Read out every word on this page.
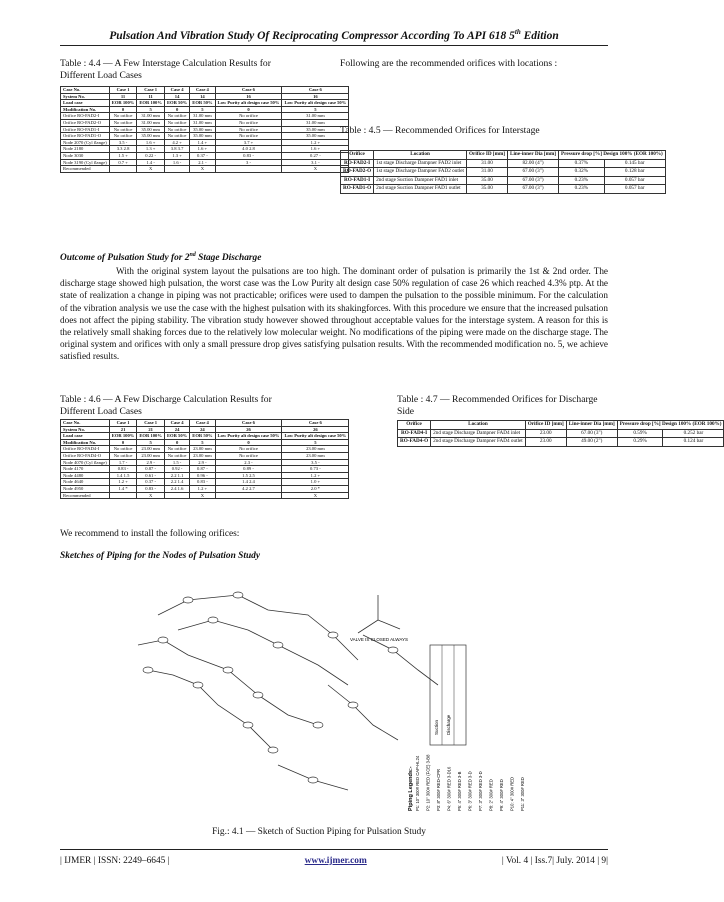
Pulsation And Vibration Study Of Reciprocating Compressor According To API 618 5th Edition
Table : 4.4 — A Few Interstage Calculation Results for Different Load Cases
Case No.	Case 1	Case 1	Case 4	Case 4	Case 6	Case 6
System No.	11	11	14	14	16	16
Load case	EOR 100%	EOR 100%	EOR 50%	EOR 50%	Low Purity alt design case 50%	Low Purity alt design case 50%
Modification No.	0	5	0	5	0	5
Orifice RO-FAD2-I	No orifice	31.00 mm	No orifice	31.00 mm	No orifice	31.00 mm
Orifice RO-FAD2-O	No orifice	31.00 mm	No orifice	31.00 mm	No orifice	31.00 mm
Orifice RO-FAD1-I	No orifice	35.00 mm	No orifice	35.00 mm	No orifice	35.00 mm
Orifice RO-FAD1-O	No orifice	35.00 mm	No orifice	35.00 mm	No orifice	35.00 mm
Node 2070 (Cyl flange)	3.5 -	1.6 +	4.2 +	1.4 +	3.7 +	1.2 +
Node 2180	3.3 2.8	1.3 +	3.8 3.7	1.6 +	4.0 2.8	1.6 +
Node 3030	1.5 +	0.22 -	1.3 +	0.37 -	0.83 -	0.27 -
Node 3190 (Cyl flange)	0.7 +	1.4 -	1.6 -	2.1 -	3 -	3.1 -
Recommended		X		X		X
Following are the recommended orifices with locations :
Table : 4.5 — Recommended Orifices for Interstage
Orifice	Location	Orifice ID [mm]	Line-inner Dia [mm]	Pressure drop [%] Design 100% (EOR 100%)	
RO-FAD2-I	1st stage Discharge Dampner FAD2 inlet	31.00	82.00 (4")	0.37%	0.145 bar
RO-FAD2-O	1st stage Discharge Dampner FAD2 outlet	31.00	67.00 (3")	0.32%	0.128 bar
RO-FAD1-I	2nd stage Suction Dampner FAD1 inlet	35.00	67.00 (3")	0.23%	0.057 bar
RO-FAD1-O	2nd stage Suction Dampner FAD1 outlet	35.00	67.00 (3")	0.23%	0.057 bar
Outcome of Pulsation Study for 2nd Stage Discharge
With the original system layout the pulsations are too high. The dominant order of pulsation is primarily the 1st & 2nd order. The discharge stage showed high pulsation, the worst case was the Low Purity alt design case 50% regulation of case 26 which reached 4.3% ptp. At the state of realization a change in piping was not practicable; orifices were used to dampen the pulsation to the possible minimum. For the calculation of the vibration analysis we use the case with the highest pulsation with its shakingforces. With this procedure we ensure that the increased pulsation does not affect the piping stability. The vibration study however showed throughout acceptable values for the interstage system. A reason for this is the relatively small shaking forces due to the relatively low molecular weight. No modifications of the piping were made on the discharge stage. The original system and orifices with only a small pressure drop gives satisfying pulsation results. With the recommended modification no. 5, we achieve satisfied results.
Table : 4.6 — A Few Discharge Calculation Results for Different Load Cases
Case No.	Case 1	Case 1	Case 4	Case 4	Case 6	Case 6
System No.	21	21	24	24	26	26
Load case	EOR 100%	EOR 100%	EOR 50%	EOR 50%	Low Purity alt design case 50%	Low Purity alt design case 50%
Modification No.	0	5	0	5	0	5
Orifice RO-FAD4-I	No orifice	23.00 mm	No orifice	23.00 mm	No orifice	23.00 mm
Orifice RO-FAD4-O	No orifice	23.00 mm	No orifice	23.00 mm	No orifice	23.00 mm
Node 4070 (Cyl flange)	1.7 -	2.9 -	1.5 -	2.9 -	2.3 -	3.5 -
Node 4170	0.83 -	0.87 -	0.92 -	0.87 -	0.89 -	0.73 -
Node 4480	1.4 1.5	0.61 -	2.2 1.1	0.96 -	1.5 2.5	1.2 +
Node 4640	1.2 +	0.37 -	2.2 1.4	0.83 -	1.4 2.4	1.0 +
Node 4950	1.4 *	0.83 -	2.4 1.6	1.2 +	4.2 2.7	2.0 *
Recommended		X		X		X
Table : 4.7 — Recommended Orifices for Discharge Side
Orifice	Location	Orifice ID [mm]	Line-inner Dia [mm]	Pressure drop [%] Design 100% (EOR 100%)	
RO-FAD4-I	2nd stage Discharge Dampner FAD4 inlet	23.00	67.00 (3")	0.59%	0.252 bar
RO-FAD4-O	2nd stage Discharge Dampner FAD4 outlet	23.00	49.00 (2")	0.29%	0.124 bar
We recommend to install the following orifices:
Sketches of Piping for the Nodes of Pulsation Study
VALVE IS CLOSED ALWAYS
Piping Legends:- P1: 10" 300# RED CAP-HL24 P2: 10" 300# RED (FCE) 3-B8 P3: 8" 300# RED-CPR P4: 6" 300# RED 3-D16 P5: 4" 300# RED 3-B P6: 3" 300# RED 3-D P7: 3" 300# RED 3-D P8: 2" 300# RED P9: 4" 300# RED P10: 4" 300# RED P11: 3" 300# RED
Suction Discharge
Fig.: 4.1 — Sketch of Suction Piping for Pulsation Study
| IJMER | ISSN: 2249–6645 |	www.ijmer.com	| Vol. 4 | Iss.7| July. 2014 | 9|
